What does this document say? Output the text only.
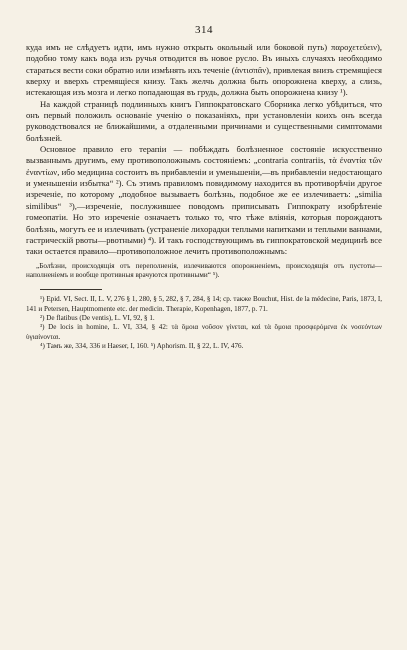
314

куда имъ не слѣдуетъ идти, имъ нужно открыть окольный или боковой путь) παροχετεύειν), подобно тому какъ вода изъ ручья отводится въ новое русло. Въ иныхъ случаяхъ необходимо стараться вести соки обратно или измѣнять ихъ теченіе (ἀντισπᾶν), привлекая внизъ стремящіеся кверху и вверхъ стремящіеся книзу. Такъ желчь должна быть опорожнена кверху, а слизь, истекающая изъ мозга и легко попадающая въ грудь, должна быть опорожнена книзу ¹).

На каждой страницѣ подлинныхъ книгъ Гиппократовскаго Сборника легко убѣдиться, что онъ первый положилъ основаніе ученію о показаніяхъ, при установленіи коихъ онъ всегда руководствовался не ближайшими, а отдаленными причинами и существенными симптомами болѣзней.

Основное правило его терапіи — побѣждать болѣзненное состояніе искусственно вызваннымъ другимъ, ему противоположнымъ состояніемъ: „contraria contrariis, τὰ ἐναντία τῶν ἐναντίων, ибо медицина состоитъ въ прибавленіи и уменьшеніи,—въ прибавленіи недостающаго и уменьшеніи избытка“ ²). Съ этимъ правиломъ повидимому находится въ противорѣчіи другое изреченіе, по которому „подобное вызываетъ болѣзнь, подобное же ее излечиваетъ: „similia similibus“ ³),—изреченіе, послужившее поводомъ приписывать Гиппократу изобрѣтеніе гомеопатіи. Но это изреченіе означаетъ только то, что тѣже вліянія, которыя порождаютъ болѣзнь, могутъ ее и излечивать (устраненіе лихорадки теплыми напитками и теплыми ваннами, гастрическій рвоты—рвотными) ⁴). И такъ господствующимъ въ гиппократовской медицинѣ все таки остается правило—противоположное лечитъ противоположнымъ:

„Болѣзни, происходящія отъ переполненія, излечиваются опорожненіемъ, происходящія отъ пустоты—наполненіемъ и вообще противныя врачуются противными“ ⁵).

¹) Epid. VI, Sect. II, L. V, 276 § 1, 280, § 5, 282, § 7, 284, § 14; ср. также Bouchut, Hist. de la médecine, Paris, 1873, I, 141 и Petersen, Hauptmomente etc. der medicin. Therapie, Kopenhagen, 1877, p. 71.

²) De flatibus (De ventis), L. VI, 92, § 1.

³) De locis in homine, L. VI, 334, § 42: τὰ ὅμοια νοῦσον γίνεται, καὶ τὰ ὅμοια προσφερόμενα ἐκ νοσεόντων ὑγιαίνονται.

⁴) Тамъ же, 334, 336 и Haeser, I, 160. ⁵) Aphorism. II, § 22, L. IV, 476.
